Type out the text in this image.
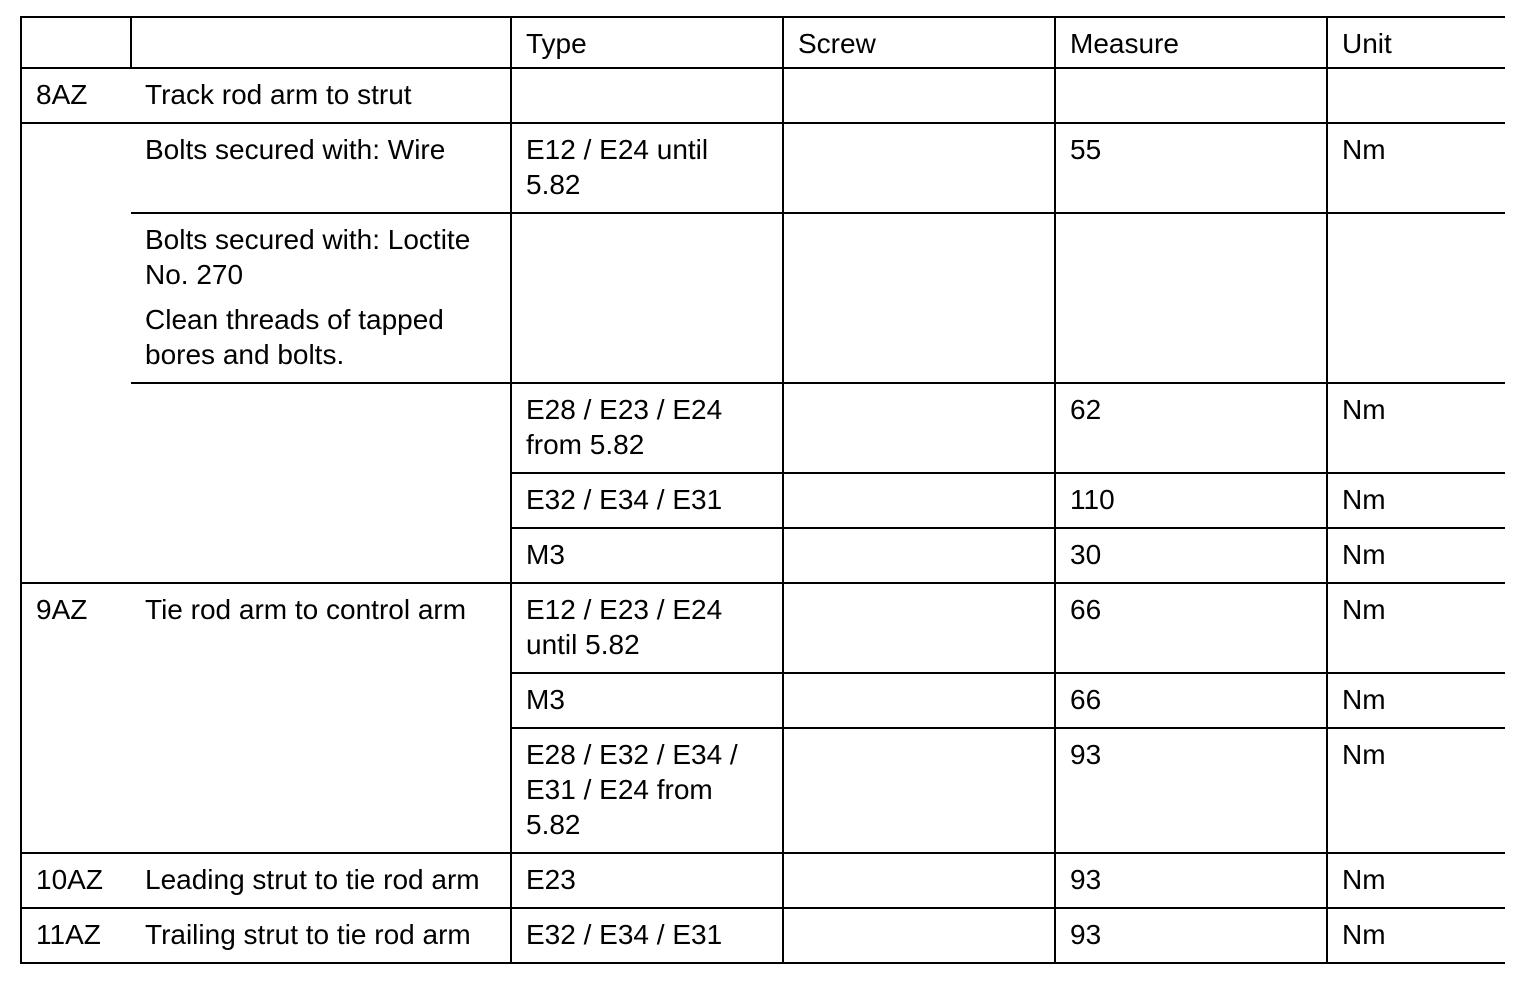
		Type	Screw	Measure	Unit
8AZ	Track rod arm to strut				

	Bolts secured with: Wire	E12 / E24 until 5.82		55	Nm

	Bolts secured with: Loctite No. 270
Clean threads of tapped bores and bolts.				

		E28 / E23 / E24 from 5.82		62	Nm
		E32 / E34 / E31		110	Nm
		M3		30	Nm
9AZ	Tie rod arm to control arm	E12 / E23 / E24 until 5.82		66	Nm
		M3		66	Nm
		E28 / E32 / E34 / E31 / E24 from 5.82		93	Nm
10AZ	Leading strut to tie rod arm	E23		93	Nm
11AZ	Trailing strut to tie rod arm	E32 / E34 / E31		93	Nm
